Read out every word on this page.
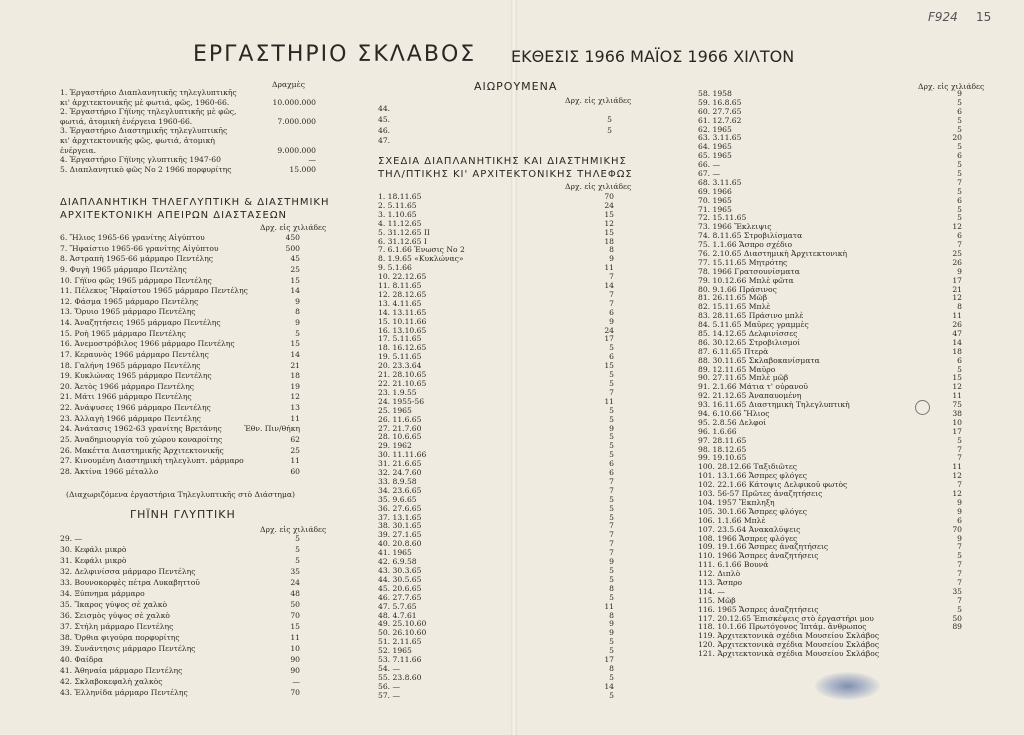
F924 15
ΕΡΓΑΣΤΗΡΙΟ ΣΚΛΑΒΟΣ ΕΚΘΕΣΙΣ 1966 ΜΑΪΟΣ 1966 ΧΙΛΤΟΝ
Δραχμὲς
1. Ἐργαστήριο Διαπλανητικῆς τηλεγλυπτικῆς
κι' ἀρχιτεκτονικῆς μὲ φωτιά, φῶς, 1960-66.	10.000.000
2. Ἐργαστήριο Γήϊνης τηλεγλυπτικῆς μὲ φῶς,
φωτιά, ἀτομικὴ ἐνέργεια 1960-66.	7.000.000
3. Ἐργαστήριο Διαστημικῆς τηλεγλυπτικῆς
κι' ἀρχιτεκτονικῆς φῶς, φωτιά, ἀτομικὴ
ἐνέργεια.	9.000.000
4. Ἐργαστήριο Γήϊνης γλυπτικῆς 1947-60	—
5. Διαπλανητικὸ φῶς Νο 2 1966 πορφυρίτης	15.000
ΔΙΑΠΛΑΝΗΤΙΚΗ ΤΗΛΕΓΛΥΠΤΙΚΗ & ΔΙΑΣΤΗΜΙΚΗ
ΑΡΧΙΤΕΚΤΟΝΙΚΗ ΑΠΕΙΡΩΝ ΔΙΑΣΤΑΣΕΩΝ
Δρχ. εἰς χιλιάδες
6. Ἥλιος 1965-66 γρανίτης Αἰγύπτου	450
7. Ἥφαίστιο 1965-66 γρανίτης Αἰγύπτου	500
8. Ἀστραπὴ 1965-66 μάρμαρο Πεντέλης	45
9. Φυγὴ 1965 μάρμαρο Πεντέλης	25
10. Γήϊνο φῶς 1965 μάρμαρο Πεντέλης	15
11. Πέλεκυς Ἥφαίστου 1965 μάρμαρο Πεντέλης	14
12. Φάσμα 1965 μάρμαρο Πεντέλης	9
13. Ὅρυιο 1965 μάρμαρο Πεντέλης	8
14. Ἀναζητήσεις 1965 μάρμαρο Πεντέλης	9
15. Ροὴ 1965 μάρμαρο Πεντέλης	5
16. Ἀνεμοστρόβιλος 1966 μάρμαρο Πεντέλης	15
17. Κεραυνὸς 1966 μάρμαρο Πεντέλης	14
18. Γαλήνη 1965 μάρμαρο Πεντέλης	21
19. Κυκλώνας 1965 μάρμαρο Πεντέλης	18
20. Ἀετὸς 1966 μάρμαρο Πεντέλης	19
21. Μάτι 1966 μάρμαρο Πεντέλης	12
22. Ἀνάψυσες 1966 μάρμαρο Πεντέλης	13
23. Ἀλλαγὴ 1966 μάρμαρο Πεντέλης	11
24. Ἀνάτασις 1962-63 γρανίτης Βρετάνης	Ἐθν. Πιν/θήκη
25. Ἀναδημιουργία τοῦ χώρου κοναροίτης	62
26. Μακέττα Διαστημικῆς Ἀρχιτεκτονικῆς	25
27. Κινουμένη Διαστημικὴ τηλεγλυπτ. μάρμαρο	11
28. Ἀκτίνα 1966 μέταλλο	60
(Διαχωριζόμενα ἐργαστήρια Τηλεγλυπτικῆς στὸ Διάστημα)
ΓΗΪΝΗ ΓΛΥΠΤΙΚΗ
Δρχ. εἰς χιλιάδες
29. —	5
30. Κεφάλι μικρὸ	5
31. Κεφάλι μικρὸ	5
32. Δελφινίσσα μάρμαρο Πεντέλης	35
33. Βουνοκορφὲς πέτρα Λυκαβηττοῦ	24
34. Ξύπνημα μάρμαρο	48
35. Ἴκαρος γύψος σὲ χαλκὸ	50
36. Σεισμὸς γύψος σὲ χαλκὸ	70
37. Στήλη μάρμαρο Πεντέλης	15
38. Ὄρθια φιγούρα πορφυρίτης	11
39. Συνάντησις μάρμαρο Πεντέλης	10
40. Φαίδρα	90
41. Ἀθηναία μάρμαρο Πεντέλης	90
42. Σκλαβοκεφαλὴ χαλκὸς	—
43. Ἑλληνίδα μάρμαρο Πεντέλης	70
ΑΙΩΡΟΥΜΕΝΑ
Δρχ. εἰς χιλιάδες
44.
45.	5
46.	5
47.
ΣΧΕΔΙΑ ΔΙΑΠΛΑΝΗΤΙΚΗΣ ΚΑΙ ΔΙΑΣΤΗΜΙΚΗΣ
ΤΗΛ/ΠΤΙΚΗΣ ΚΙ' ΑΡΧΙΤΕΚΤΟΝΙΚΗΣ ΤΗΛΕΦΩΣ
Δρχ. εἰς χιλιάδες
1. 18.11.65	70
2. 5.11.65	24
3. 1.10.65	15
4. 11.12.65	12
5. 31.12.65 II	15
6. 31.12.65 I	18
7. 6.1.66 Ἐνωσις Νο 2	8
8. 1.9.65 «Κυκλώνας»	9
9. 5.1.66	11
10. 22.12.65	7
11. 8.11.65	14
12. 28.12.65	7
13. 4.11.65	7
14. 13.11.65	6
15. 10.11.66	9
16. 13.10.65	24
17. 5.11.65	17
18. 16.12.65	5
19. 5.11.65	6
20. 23.3.64	15
21. 28.10.65	5
22. 21.10.65	5
23. 1.9.55	7
24. 1955-56	11
25. 1965	5
26. 11.6.65	5
27. 21.7.60	9
28. 10.6.65	5
29. 1962	5
30. 11.11.66	5
31. 21.6.65	6
32. 24.7.60	6
33. 8.9.58	7
34. 23.6.65	7
35. 9.6.65	5
36. 27.6.65	5
37. 13.1.65	5
38. 30.1.65	7
39. 27.1.65	7
40. 20.8.60	7
41. 1965	7
42. 6.9.58	9
43. 30.3.65	5
44. 30.5.65	5
45. 20.6.65	8
46. 27.7.65	5
47. 5.7.65	11
48. 4.7.61	8
49. 25.10.60	9
50. 26.10.60	9
51. 2.11.65	5
52. 1965	5
53. 7.11.66	17
54. —	8
55. 23.8.60	5
56. —	14
57. —	5
Δρχ. εἰς χιλιάδες
58. 1958	9
59. 16.8.65	5
60. 27.7.65	6
61. 12.7.62	5
62. 1965	5
63. 3.11.65	20
64. 1965	5
65. 1965	6
66. —	5
67. —	5
68. 3.11.65	7
69. 1966	5
70. 1965	6
71. 1965	5
72. 15.11.65	5
73. 1966 Ἔκλειψις	12
74. 8.11.65 Στροβιλίσματα	6
75. 1.1.66 Ἄσπρο σχέδιο	7
76. 2.10.65 Διαστημικὴ Ἀρχιτεκτονικὴ	25
77. 15.11.65 Μητρότης	26
78. 1966 Γρατσουνίσματα	9
79. 10.12.66 Μπλὲ φῶτα	17
80. 9.1.66 Πράσινος	21
81. 26.11.65 Μῶβ	12
82. 15.11.65 Μπλὲ	8
83. 28.11.65 Πράσινο μπλὲ	11
84. 5.11.65 Μαῦρες γραμμὲς	26
85. 14.12.65 Δελφινίσσες	47
86. 30.12.65 Στροβιλισμοί	14
87. 6.11.65 Πτερὰ	18
88. 30.11.65 Σκλαβοκανίσματα	6
89. 12.11.65 Μαῦρο	5
90. 27.11.65 Μπλὲ μῶβ	15
91. 2.1.66 Μάτια τ' οὐρανοῦ	12
92. 21.12.65 Ἀναπαυομένη	11
93. 16.11.65 Διαστημικὴ Τηλεγλυπτικὴ	75
94. 6.10.66 Ἥλιος	38
95. 2.8.56 Δελφοί	10
96. 1.6.66	17
97. 28.11.65	5
98. 18.12.65	7
99. 19.10.65	7
100. 28.12.66 Ταξιδιῶτες	11
101. 13.1.66 Ἄσπρες φλόγες	12
102. 22.1.66 Κάτοψις Δελφικοῦ φωτὸς	7
103. 56-57 Πρῶτες ἀναζητήσεις	12
104. 1957 Ἔκπληξη	9
105. 30.1.66 Ἄσπρες φλόγες	9
106. 1.1.66 Μπλὲ	6
107. 23.5.64 Ἀνακαλύψεις	70
108. 1966 Ἄσπρες φλόγες	9
109. 19.1.66 Ἄσπρες ἀναζητήσεις	7
110. 1966 Ἄσπρες ἀναζητήσεις	5
111. 6.1.66 Βουνά	7
112. Διπλὸ	7
113. Ἄσπρο	7
114. —	35
115. Μῶβ	7
116. 1965 Ἄσπρες ἀναζητήσεις	5
117. 20.12.65 Ἐπισκέψεις στὸ ἐργαστήρι μου	50
118. 10.1.66 Πρωτόγονος Ἰπτάμ. ἄνθρωπος	89
119. Ἀρχιτεκτονικὰ σχέδια Μουσείου Σκλάβος
120. Ἀρχιτεκτονικὰ σχέδια Μουσείου Σκλάβος
121. Ἀρχιτεκτονικὰ σχέδια Μουσείου Σκλάβος
